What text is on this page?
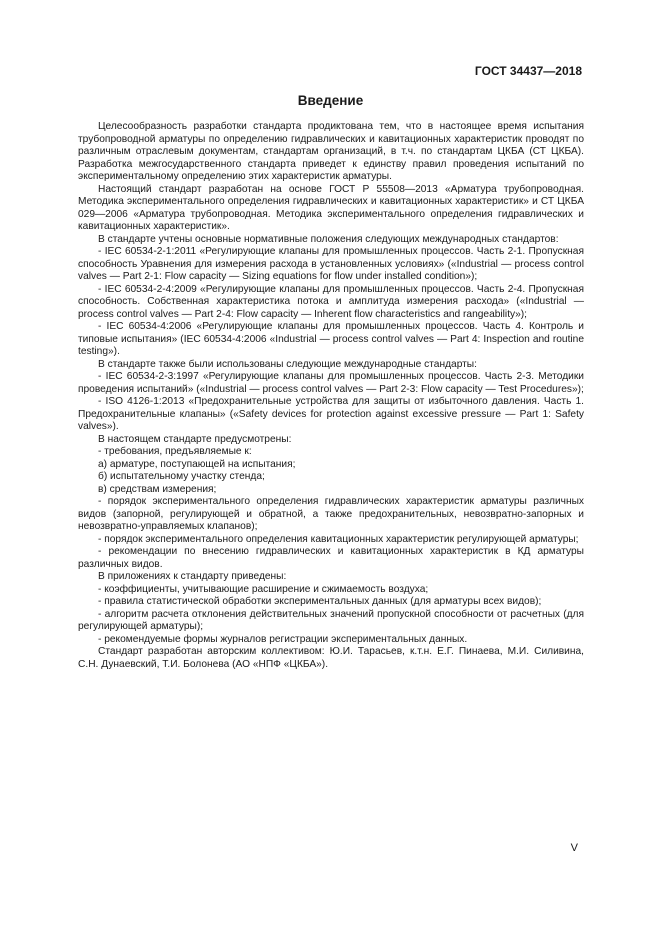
ГОСТ 34437—2018

Введение

Целесообразность разработки стандарта продиктована тем, что в настоящее время испытания трубопроводной арматуры по определению гидравлических и кавитационных характеристик проводят по различным отраслевым документам, стандартам организаций, в т.ч. по стандартам ЦКБА (СТ ЦКБА). Разработка межгосударственного стандарта приведет к единству правил проведения испытаний по экспериментальному определению этих характеристик арматуры.

Настоящий стандарт разработан на основе ГОСТ Р 55508—2013 «Арматура трубопроводная. Методика экспериментального определения гидравлических и кавитационных характеристик» и СТ ЦКБА 029—2006 «Арматура трубопроводная. Методика экспериментального определения гидравлических и кавитационных характеристик».

В стандарте учтены основные нормативные положения следующих международных стандартов:

- IEC 60534-2-1:2011 «Регулирующие клапаны для промышленных процессов. Часть 2-1. Пропускная способность Уравнения для измерения расхода в установленных условиях» («Industrial — process control valves — Part 2-1: Flow capacity — Sizing equations for flow under installed condition»);

- IEC 60534-2-4:2009 «Регулирующие клапаны для промышленных процессов. Часть 2-4. Пропускная способность. Собственная характеристика потока и амплитуда измерения расхода» («Industrial — process control valves — Part 2-4: Flow capacity — Inherent flow characteristics and rangeability»);

- IEC 60534-4:2006 «Регулирующие клапаны для промышленных процессов. Часть 4. Контроль и типовые испытания» (IEC 60534-4:2006 «Industrial — process control valves — Part 4: Inspection and routine testing»).

В стандарте также были использованы следующие международные стандарты:

- IEC 60534-2-3:1997 «Регулирующие клапаны для промышленных процессов. Часть 2-3. Методики проведения испытаний» («Industrial — process control valves — Part 2-3: Flow capacity — Test Procedures»);

- ISO 4126-1:2013 «Предохранительные устройства для защиты от избыточного давления. Часть 1. Предохранительные клапаны» («Safety devices for protection against excessive pressure — Part 1: Safety valves»).

В настоящем стандарте предусмотрены:

- требования, предъявляемые к:

а) арматуре, поступающей на испытания;

б) испытательному участку стенда;

в) средствам измерения;

- порядок экспериментального определения гидравлических характеристик арматуры различных видов (запорной, регулирующей и обратной, а также предохранительных, невозвратно-запорных и невозвратно-управляемых клапанов);

- порядок экспериментального определения кавитационных характеристик регулирующей арматуры;

- рекомендации по внесению гидравлических и кавитационных характеристик в КД арматуры различных видов.

В приложениях к стандарту приведены:

- коэффициенты, учитывающие расширение и сжимаемость воздуха;

- правила статистической обработки экспериментальных данных (для арматуры всех видов);

- алгоритм расчета отклонения действительных значений пропускной способности от расчетных (для регулирующей арматуры);

- рекомендуемые формы журналов регистрации экспериментальных данных.

Стандарт разработан авторским коллективом: Ю.И. Тарасьев, к.т.н. Е.Г. Пинаева, М.И. Силивина, С.Н. Дунаевский, Т.И. Болонева (АО «НПФ «ЦКБА»).

V
